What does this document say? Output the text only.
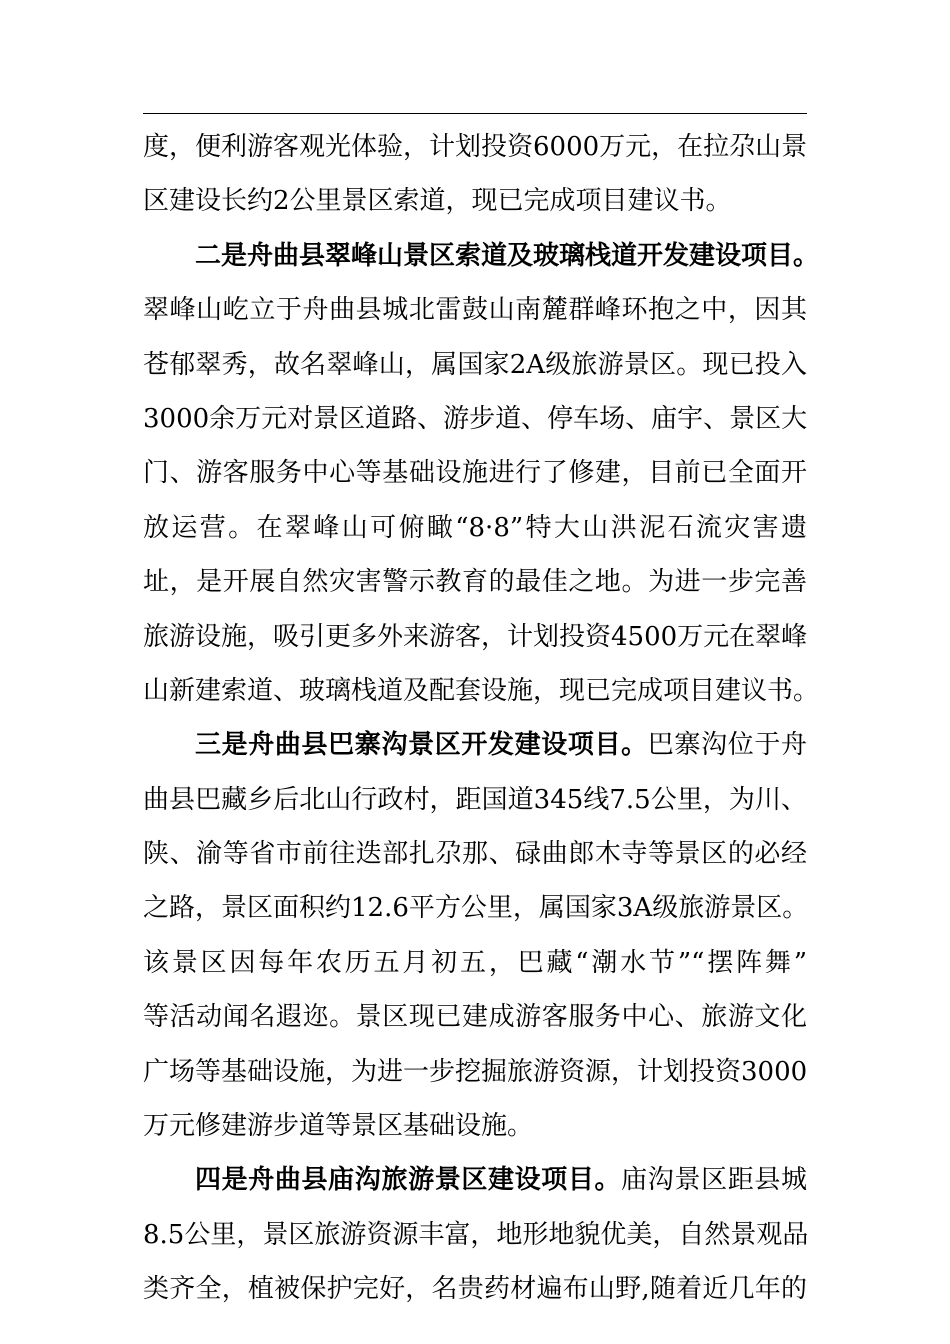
度，便利游客观光体验，计划投资6000万元，在拉尕山景
区建设长约2公里景区索道，现已完成项目建议书。
二是舟曲县翠峰山景区索道及玻璃栈道开发建设项目。
翠峰山屹立于舟曲县城北雷鼓山南麓群峰环抱之中，因其
苍郁翠秀，故名翠峰山，属国家2A级旅游景区。现已投入
3000余万元对景区道路、游步道、停车场、庙宇、景区大
门、游客服务中心等基础设施进行了修建，目前已全面开
放运营。在翠峰山可俯瞰“8·8”特大山洪泥石流灾害遗
址，是开展自然灾害警示教育的最佳之地。为进一步完善
旅游设施，吸引更多外来游客，计划投资4500万元在翠峰
山新建索道、玻璃栈道及配套设施，现已完成项目建议书。
三是舟曲县巴寨沟景区开发建设项目。巴寨沟位于舟
曲县巴藏乡后北山行政村，距国道345线7.5公里，为川、
陕、渝等省市前往迭部扎尕那、碌曲郎木寺等景区的必经
之路，景区面积约12.6平方公里，属国家3A级旅游景区。
该景区因每年农历五月初五，巴藏“潮水节”“摆阵舞”
等活动闻名遐迩。景区现已建成游客服务中心、旅游文化
广场等基础设施，为进一步挖掘旅游资源，计划投资3000
万元修建游步道等景区基础设施。
四是舟曲县庙沟旅游景区建设项目。庙沟景区距县城
8.5公里，景区旅游资源丰富，地形地貌优美，自然景观品
类齐全，植被保护完好，名贵药材遍布山野,随着近几年的
